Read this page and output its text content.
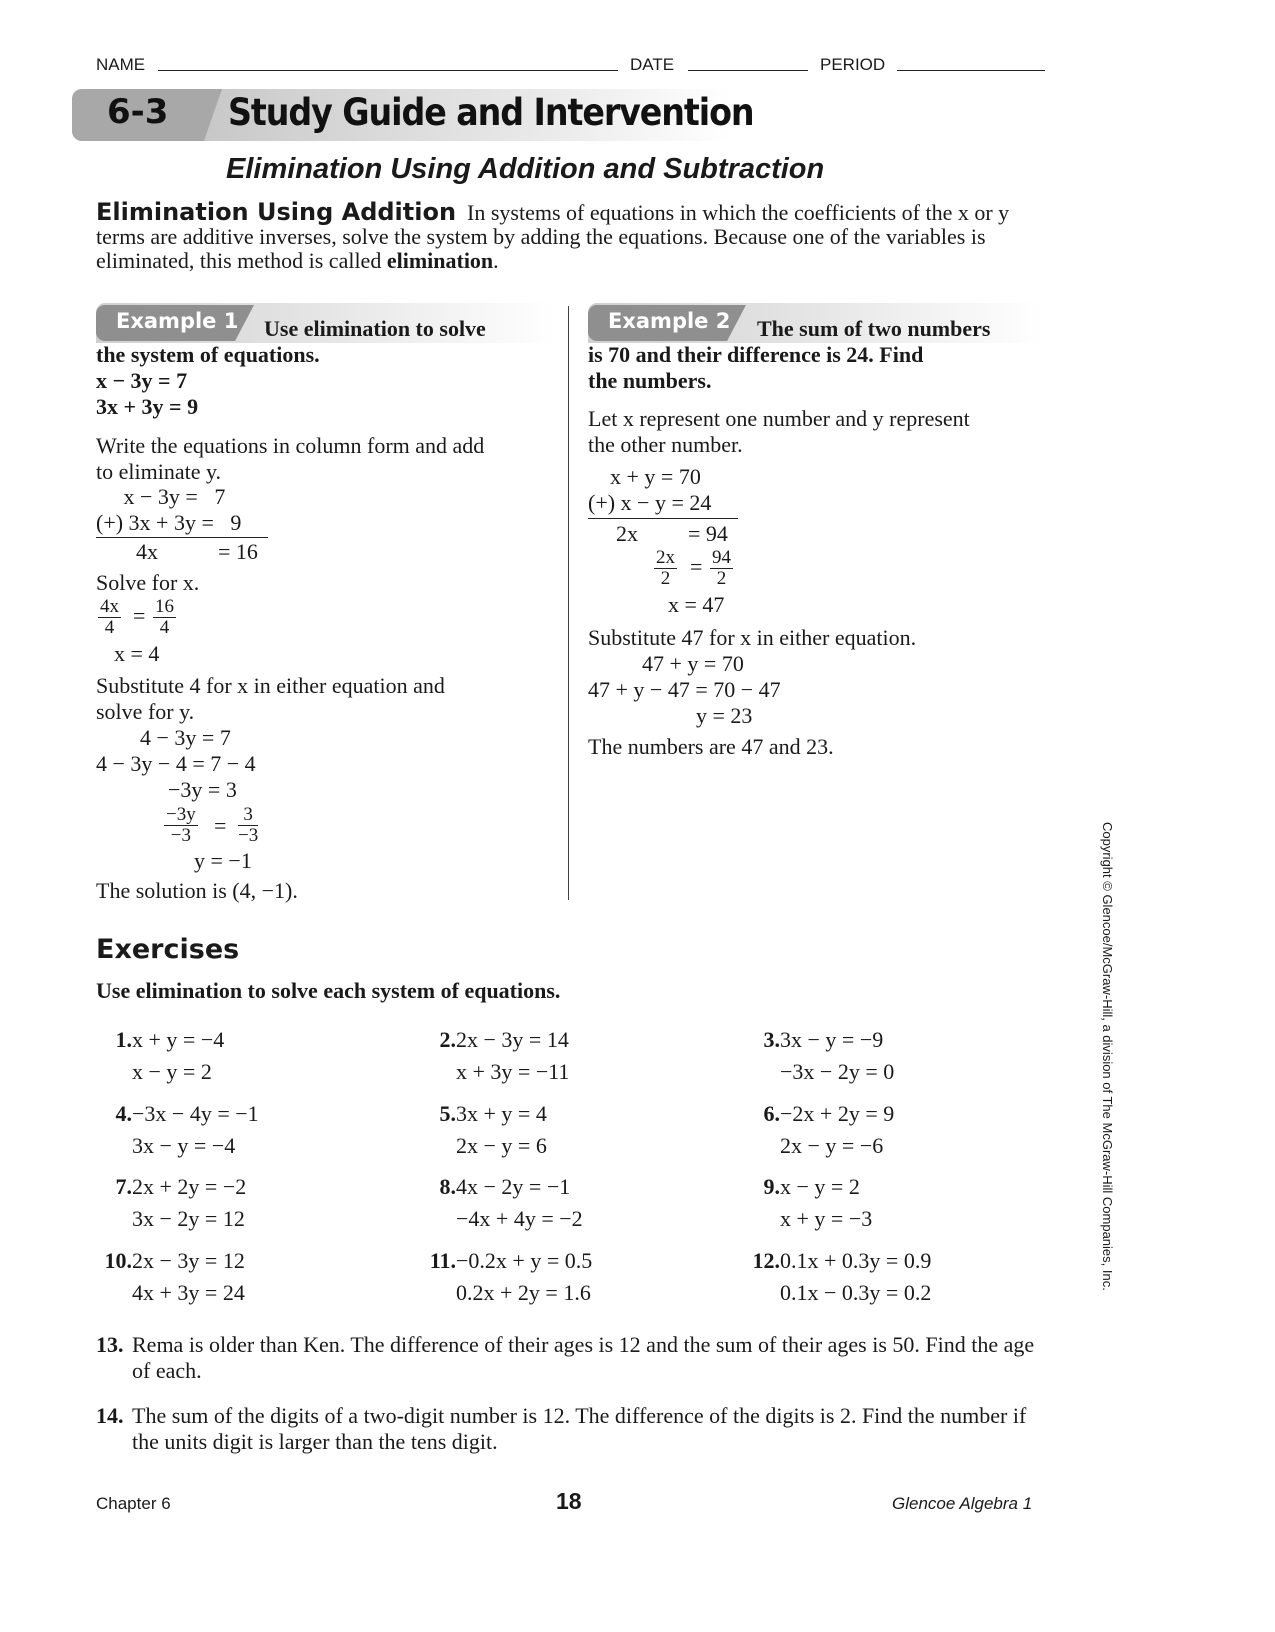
NAME	DATE	PERIOD
6-3 Study Guide and Intervention
Elimination Using Addition and Subtraction
Elimination Using Addition In systems of equations in which the coefficients of the x or y terms are additive inverses, solve the system by adding the equations. Because one of the variables is eliminated, this method is called elimination.
Example 1 Use elimination to solve
the system of equations.
x − 3y = 7
3x + 3y = 9
Write the equations in column form and add
to eliminate y.
x − 3y =   7
(+) 3x + 3y =   9
4x	= 16
Solve for x.
$\frac{4x}{4} = \frac{16}{4}$
x = 4
Substitute 4 for x in either equation and
solve for y.
4 − 3y = 7
4 − 3y − 4 = 7 − 4
−3y = 3
$\frac{-3y}{-3} = \frac{3}{-3}$
y = −1
The solution is (4, −1).
Example 2 The sum of two numbers
is 70 and their difference is 24. Find
the numbers.
Let x represent one number and y represent
the other number.
x + y = 70
(+) x − y = 24
2x = 94
$\frac{2x}{2} = \frac{94}{2}$
x = 47
Substitute 47 for x in either equation.
47 + y = 70
47 + y − 47 = 70 − 47
y = 23
The numbers are 47 and 23.
Exercises
Use elimination to solve each system of equations.
1. x + y = −4
x − y = 2
2. 2x − 3y = 14
x + 3y = −11
3. 3x − y = −9
−3x − 2y = 0
4. −3x − 4y = −1
3x − y = −4
5. 3x + y = 4
2x − y = 6
6. −2x + 2y = 9
2x − y = −6
7. 2x + 2y = −2
3x − 2y = 12
8. 4x − 2y = −1
−4x + 4y = −2
9. x − y = 2
x + y = −3
10. 2x − 3y = 12
4x + 3y = 24
11. −0.2x + y = 0.5
0.2x + 2y = 1.6
12. 0.1x + 0.3y = 0.9
0.1x − 0.3y = 0.2
13. Rema is older than Ken. The difference of their ages is 12 and the sum of their ages is 50. Find the age of each.
14. The sum of the digits of a two-digit number is 12. The difference of the digits is 2. Find the number if the units digit is larger than the tens digit.
Chapter 6	18	Glencoe Algebra 1
Copyright © Glencoe/McGraw-Hill, a division of The McGraw-Hill Companies, Inc.
